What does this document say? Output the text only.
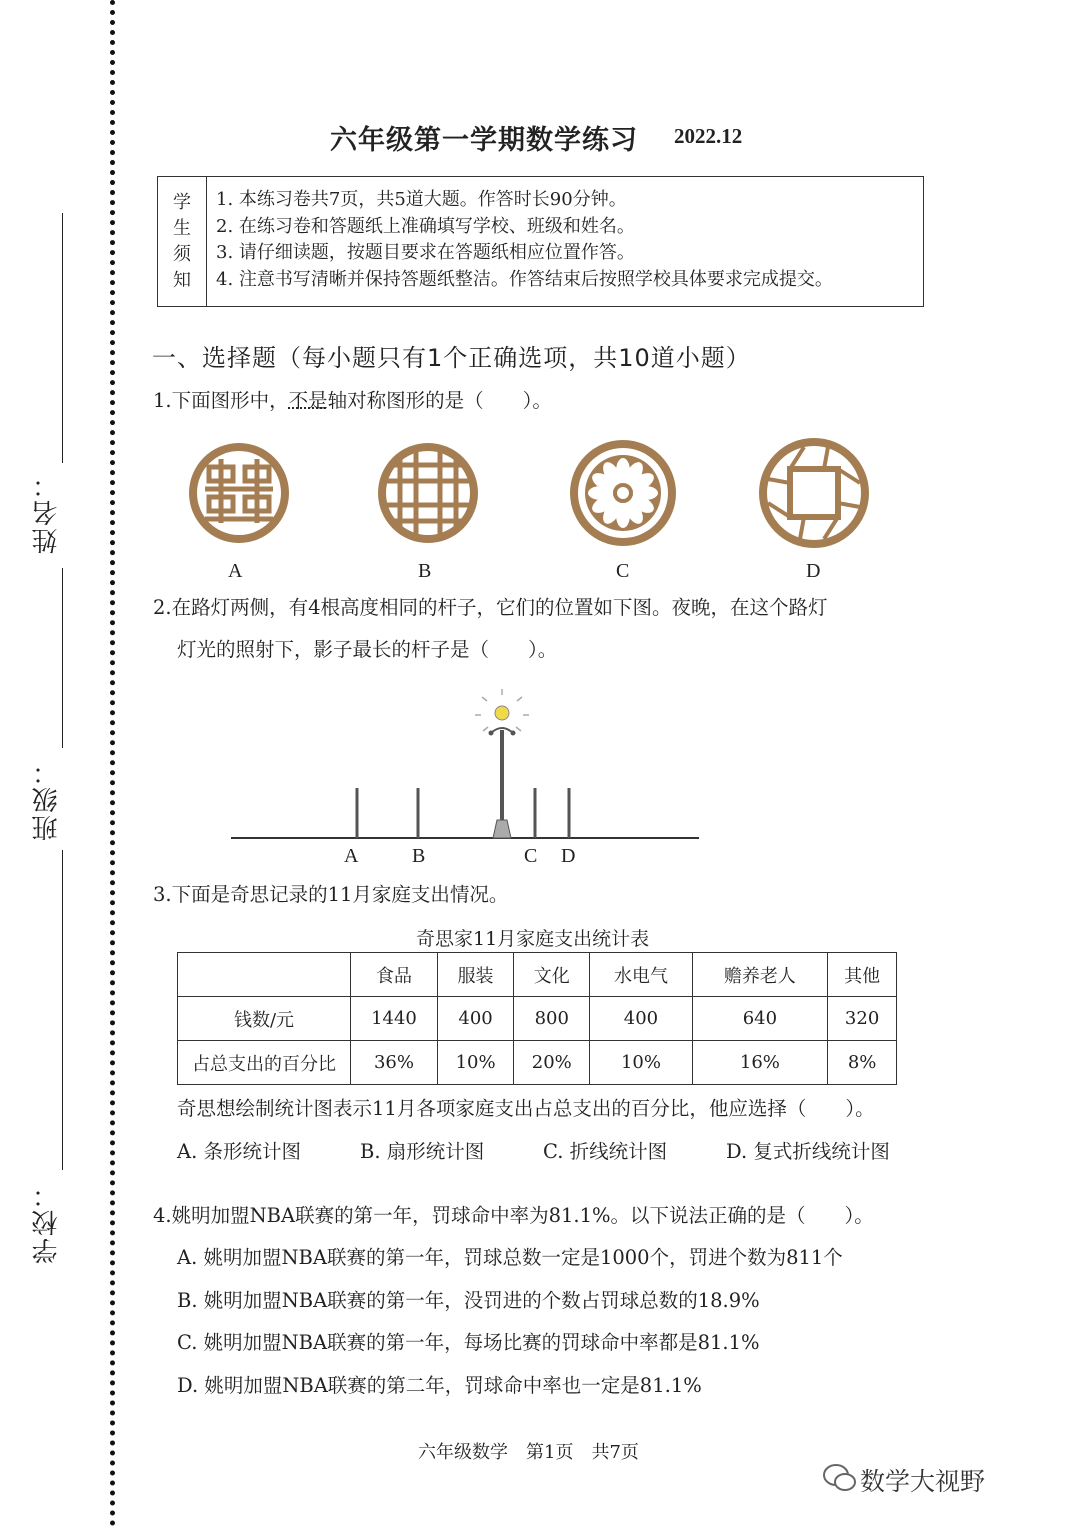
姓名：
班级：
学校：
六年级第一学期数学练习 2022.12
学
生
须
知
1. 本练习卷共7页，共5道大题。作答时长90分钟。
2. 在练习卷和答题纸上准确填写学校、班级和姓名。
3. 请仔细读题，按题目要求在答题纸相应位置作答。
4. 注意书写清晰并保持答题纸整洁。作答结束后按照学校具体要求完成提交。
一、选择题（每小题只有1个正确选项，共10道小题）
1.下面图形中，不是轴对称图形的是（　　）。
A	B	C	D
2.在路灯两侧，有4根高度相同的杆子，它们的位置如下图。夜晚，在这个路灯
灯光的照射下，影子最长的杆子是（　　）。
A	B	C D
3.下面是奇思记录的11月家庭支出情况。
奇思家11月家庭支出统计表
	食品	服装	文化	水电气	赡养老人	其他
钱数/元	1440	400	800	400	640	320
占总支出的百分比	36%	10%	20%	10%	16%	8%
奇思想绘制统计图表示11月各项家庭支出占总支出的百分比，他应选择（　　）。
A. 条形统计图	B. 扇形统计图	C. 折线统计图	D. 复式折线统计图
4.姚明加盟NBA联赛的第一年，罚球命中率为81.1%。以下说法正确的是（　　）。
A. 姚明加盟NBA联赛的第一年，罚球总数一定是1000个，罚进个数为811个
B. 姚明加盟NBA联赛的第一年，没罚进的个数占罚球总数的18.9%
C. 姚明加盟NBA联赛的第一年，每场比赛的罚球命中率都是81.1%
D. 姚明加盟NBA联赛的第二年，罚球命中率也一定是81.1%
六年级数学　第1页　共7页
数学大视野
